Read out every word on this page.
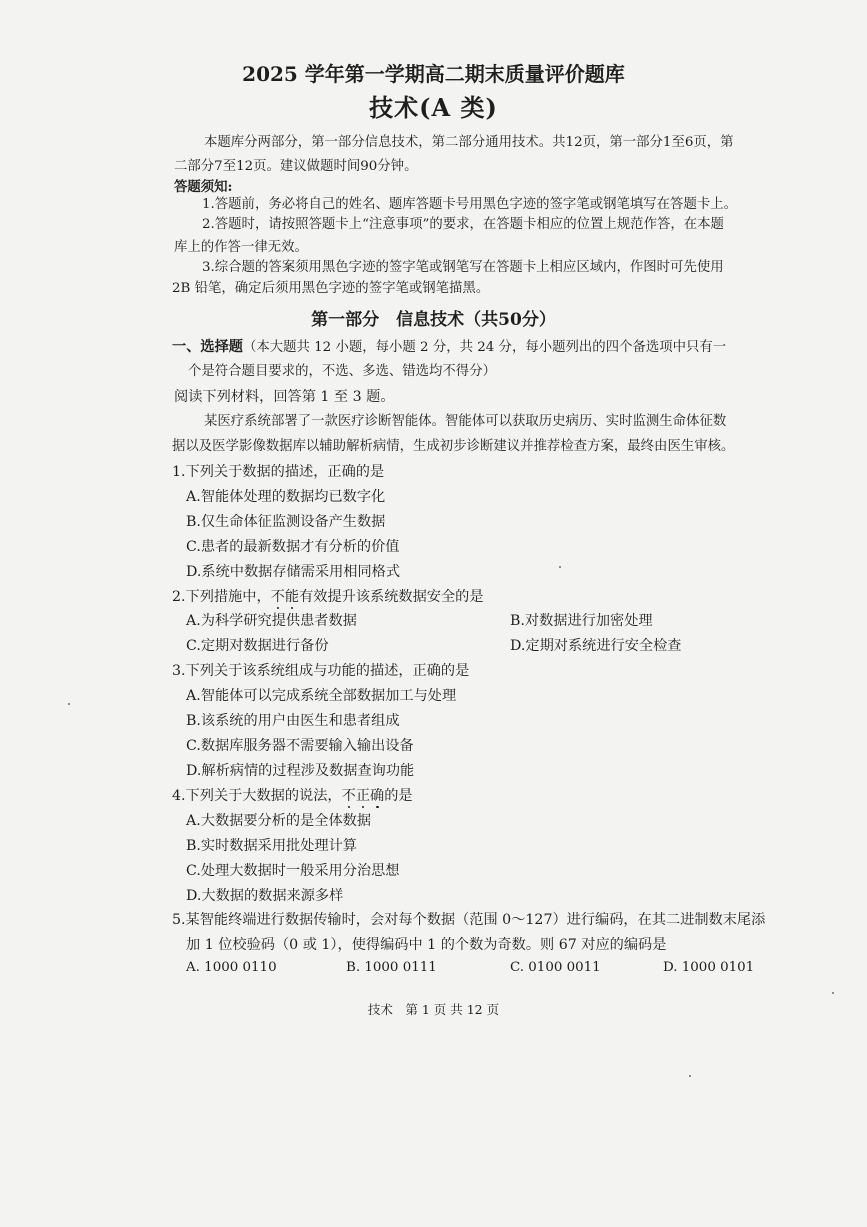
2025 学年第一学期高二期末质量评价题库
技术(A 类)
本题库分两部分，第一部分信息技术，第二部分通用技术。共12页，第一部分1至6页，第
二部分7至12页。建议做题时间90分钟。
答题须知:
1.答题前，务必将自己的姓名、题库答题卡号用黑色字迹的签字笔或钢笔填写在答题卡上。
2.答题时，请按照答题卡上“注意事项”的要求，在答题卡相应的位置上规范作答，在本题
库上的作答一律无效。
3.综合题的答案须用黑色字迹的签字笔或钢笔写在答题卡上相应区域内，作图时可先使用
2B 铅笔，确定后须用黑色字迹的签字笔或钢笔描黑。
第一部分　信息技术（共50分）
一、选择题（本大题共 12 小题，每小题 2 分，共 24 分，每小题列出的四个备选项中只有一
个是符合题目要求的，不选、多选、错选均不得分）
阅读下列材料，回答第 1 至 3 题。
某医疗系统部署了一款医疗诊断智能体。智能体可以获取历史病历、实时监测生命体征数
据以及医学影像数据库以辅助解析病情，生成初步诊断建议并推荐检查方案，最终由医生审核。
1.下列关于数据的描述，正确的是
A.智能体处理的数据均已数字化
B.仅生命体征监测设备产生数据
C.患者的最新数据才有分析的价值
D.系统中数据存储需采用相同格式
2.下列措施中，不能有效提升该系统数据安全的是
A.为科学研究提供患者数据	B.对数据进行加密处理
C.定期对数据进行备份	D.定期对系统进行安全检查
3.下列关于该系统组成与功能的描述，正确的是
A.智能体可以完成系统全部数据加工与处理
B.该系统的用户由医生和患者组成
C.数据库服务器不需要输入输出设备
D.解析病情的过程涉及数据查询功能
4.下列关于大数据的说法，不正确的是
A.大数据要分析的是全体数据
B.实时数据采用批处理计算
C.处理大数据时一般采用分治思想
D.大数据的数据来源多样
5.某智能终端进行数据传输时，会对每个数据（范围 0～127）进行编码，在其二进制数末尾添
加 1 位校验码（0 或 1），使得编码中 1 的个数为奇数。则 67 对应的编码是
A. 1000 0110	B. 1000 0111	C. 0100 0011	D. 1000 0101
技术　第 1 页 共 12 页
